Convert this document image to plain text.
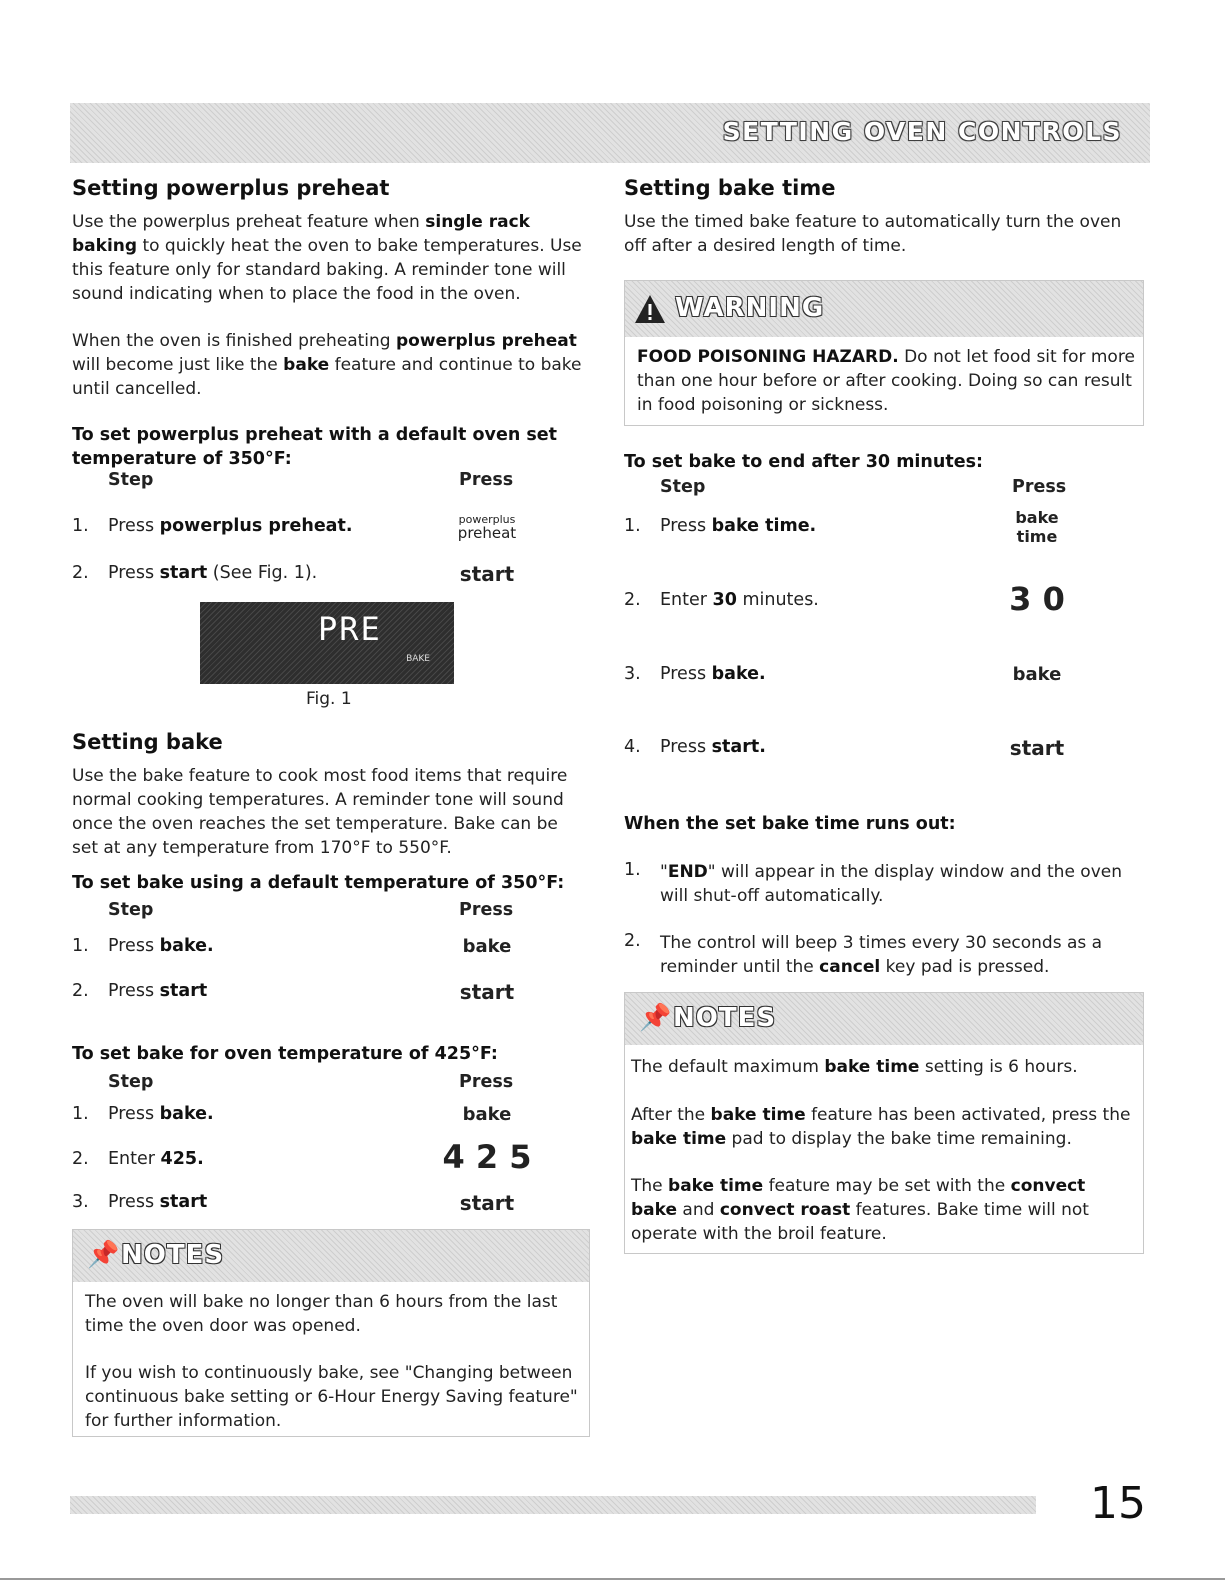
SETTING OVEN CONTROLS
Setting powerplus preheat
Use the powerplus preheat feature when single rack baking to quickly heat the oven to bake temperatures. Use this feature only for standard baking. A reminder tone will sound indicating when to place the food in the oven.
When the oven is finished preheating powerplus preheat will become just like the bake feature and continue to bake until cancelled.
To set powerplus preheat with a default oven set temperature of 350°F:
Step	Press
1. Press powerplus preheat.	powerplus
preheat
2. Press start (See Fig. 1).	start
PRE
BAKE
Fig. 1
Setting bake
Use the bake feature to cook most food items that require normal cooking temperatures. A reminder tone will sound once the oven reaches the set temperature. Bake can be set at any temperature from 170°F to 550°F.
To set bake using a default temperature of 350°F:
Step	Press
1. Press bake.	bake
2. Press start	start
To set bake for oven temperature of 425°F:
Step	Press
1. Press bake.	bake
2. Enter 425.	4 2 5
3. Press start	start
📌 NOTES
The oven will bake no longer than 6 hours from the last time the oven door was opened.
If you wish to continuously bake, see "Changing between continuous bake setting or 6-Hour Energy Saving feature" for further information.
Setting bake time
Use the timed bake feature to automatically turn the oven off after a desired length of time.
WARNING
FOOD POISONING HAZARD. Do not let food sit for more than one hour before or after cooking. Doing so can result in food poisoning or sickness.
To set bake to end after 30 minutes:
Step	Press
1. Press bake time.	bake
time
2. Enter 30 minutes.	3 0
3. Press bake.	bake
4. Press start.	start
When the set bake time runs out:
1. "END" will appear in the display window and the oven will shut-off automatically.
2. The control will beep 3 times every 30 seconds as a reminder until the cancel key pad is pressed.
📌 NOTES
The default maximum bake time setting is 6 hours.
After the bake time feature has been activated, press the bake time pad to display the bake time remaining.
The bake time feature may be set with the convect bake and convect roast features. Bake time will not operate with the broil feature.
15
